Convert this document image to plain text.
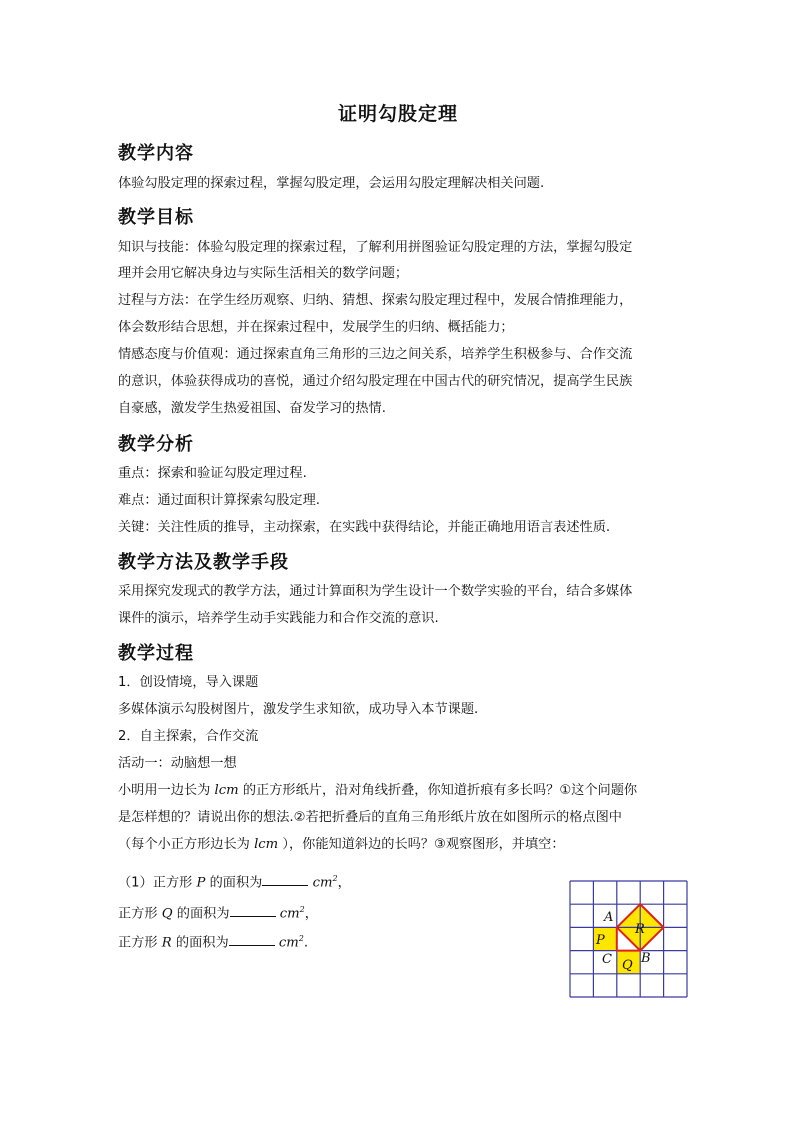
证明勾股定理
教学内容
体验勾股定理的探索过程，掌握勾股定理，会运用勾股定理解决相关问题.
教学目标
知识与技能：体验勾股定理的探索过程，了解利用拼图验证勾股定理的方法，掌握勾股定
理并会用它解决身边与实际生活相关的数学问题；
过程与方法：在学生经历观察、归纳、猜想、探索勾股定理过程中，发展合情推理能力，
体会数形结合思想，并在探索过程中，发展学生的归纳、概括能力；
情感态度与价值观：通过探索直角三角形的三边之间关系，培养学生积极参与、合作交流
的意识，体验获得成功的喜悦，通过介绍勾股定理在中国古代的研究情况，提高学生民族
自豪感，激发学生热爱祖国、奋发学习的热情.
教学分析
重点：探索和验证勾股定理过程.
难点：通过面积计算探索勾股定理.
关键：关注性质的推导，主动探索，在实践中获得结论，并能正确地用语言表述性质.
教学方法及教学手段
采用探究发现式的教学方法，通过计算面积为学生设计一个数学实验的平台，结合多媒体
课件的演示，培养学生动手实践能力和合作交流的意识.
教学过程
1．创设情境，导入课题
多媒体演示勾股树图片，激发学生求知欲，成功导入本节课题.
2．自主探索，合作交流
活动一：动脑想一想
小明用一边长为 lcm 的正方形纸片，沿对角线折叠，你知道折痕有多长吗？①这个问题你
是怎样想的？请说出你的想法.②若把折叠后的直角三角形纸片放在如图所示的格点图中
（每个小正方形边长为 lcm ），你能知道斜边的长吗？③观察图形，并填空：
（1）正方形 P 的面积为	$cm^2$，
正方形 Q 的面积为	$cm^2$，
正方形 R 的面积为	$cm^2$.
A
P
C
R
B
Q
